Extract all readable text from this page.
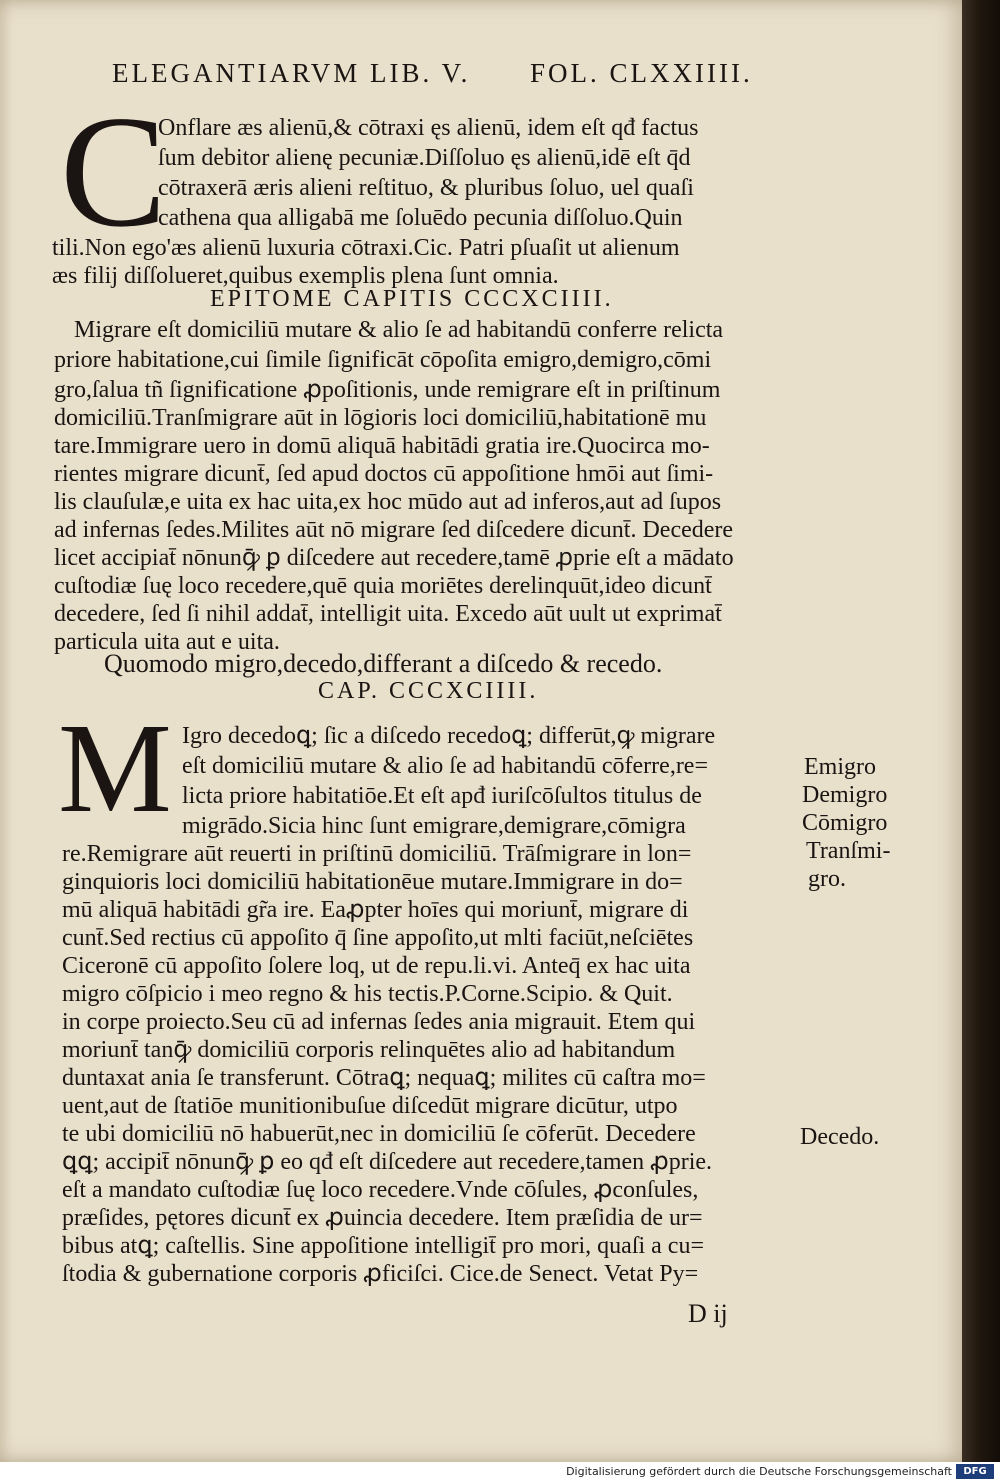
ELEGANTIARVM LIB. V. FOL. CLXXIIII.
C
Onflare æs alienū,& cōtraxi ęs alienū, idem eſt qđ factus
ſum debitor alienę pecuniæ.Diſſoluo ęs alienū,idē eſt q̄d
cōtraxerā æris alieni reſtituo, & pluribus ſoluo, uel quaſi
cathena qua alligabā me ſoluēdo pecunia diſſoluo.Quin
tili.Non ego'æs alienū luxuria cōtraxi.Cic. Patri pſuaſit ut alienum
æs filij diſſolueret,quibus exemplis plena ſunt omnia.
EPITOME CAPITIS CCCXCIIII.
Migrare eſt domiciliū mutare & alio ſe ad habitandū conferre relicta
priore habitatione,cui ſimile ſignificāt cōpoſita emigro,demigro,cōmi
gro,ſalua tñ ſignificatione ꝓpoſitionis, unde remigrare eſt in priſtinum
domiciliū.Tranſmigrare aūt in lōgioris loci domiciliū,habitationē mu
tare.Immigrare uero in domū aliquā habitādi gratia ire.Quocirca mo-
rientes migrare dicunt̄, ſed apud doctos cū appoſitione hmōi aut ſimi-
lis clauſulæ,e uita ex hac uita,ex hoc mūdo aut ad inferos,aut ad ſupos
ad infernas ſedes.Milites aūt nō migrare ſed diſcedere dicunt̄. Decedere
licet accipiat̄ nōnunꝙ̄ ꝑ diſcedere aut recedere,tamē ꝓprie eſt a mādato
cuſtodiæ ſuę loco recedere,quē quia moriētes derelinquūt,ideo dicunt̄
decedere, ſed ſi nihil addat̄, intelligit uita. Excedo aūt uult ut exprimat̄
particula uita aut e uita.
Quomodo migro,decedo,differant a diſcedo & recedo.
CAP. CCCXCIIII.
M Igro decedoꝗ; ſic a diſcedo recedoꝗ; differūt,ꝙ migrare
eſt domiciliū mutare & alio ſe ad habitandū cōferre,re=
licta priore habitatiōe.Et eſt apđ iuriſcōſultos titulus de
migrādo.Sicia hinc ſunt emigrare,demigrare,cōmigra
re.Remigrare aūt reuerti in priſtinū domiciliū. Trāſmigrare in lon=
ginquioris loci domiciliū habitationēue mutare.Immigrare in do=
mū aliquā habitādi gr̃a ire. Eaꝓpter hoīes qui moriunt̄, migrare di
cunt̄.Sed rectius cū appoſito q̄ ſine appoſito,ut mlti faciūt,neſciētes
Ciceronē cū appoſito ſolere loq, ut de repu.li.vi. Anteq̄ ex hac uita
migro cōſpicio i meo regno & his tectis.P.Corne.Scipio. & Quit.
in corpe proiecto.Seu cū ad infernas ſedes ania migrauit. Etem qui
moriunt̄ tanꝙ̄ domiciliū corporis relinquētes alio ad habitandum
duntaxat ania ſe transferunt. Cōtraꝗ; nequaꝗ; milites cū caſtra mo=
uent,aut de ſtatiōe munitionibuſue diſcedūt migrare dicūtur, utpo
te ubi domiciliū nō habuerūt,nec in domiciliū ſe cōferūt. Decedere
ꝗꝗ; accipit̄ nōnunꝙ̄ ꝑ eo qđ eſt diſcedere aut recedere,tamen ꝓprie.
eſt a mandato cuſtodiæ ſuę loco recedere.Vnde cōſules, ꝓconſules,
præſides, pętores dicunt̄ ex ꝓuincia decedere. Item præſidia de ur=
bibus atꝗ; caſtellis. Sine appoſitione intelligit̄ pro mori, quaſi a cu=
ſtodia & gubernatione corporis ꝓficiſci. Cice.de Senect. Vetat Py=
Emigro
Demigro
Cōmigro
Tranſmi-
gro.
Decedo.
D ij
Digitalisierung gefördert durch die Deutsche Forschungsgemeinschaft	DFG
